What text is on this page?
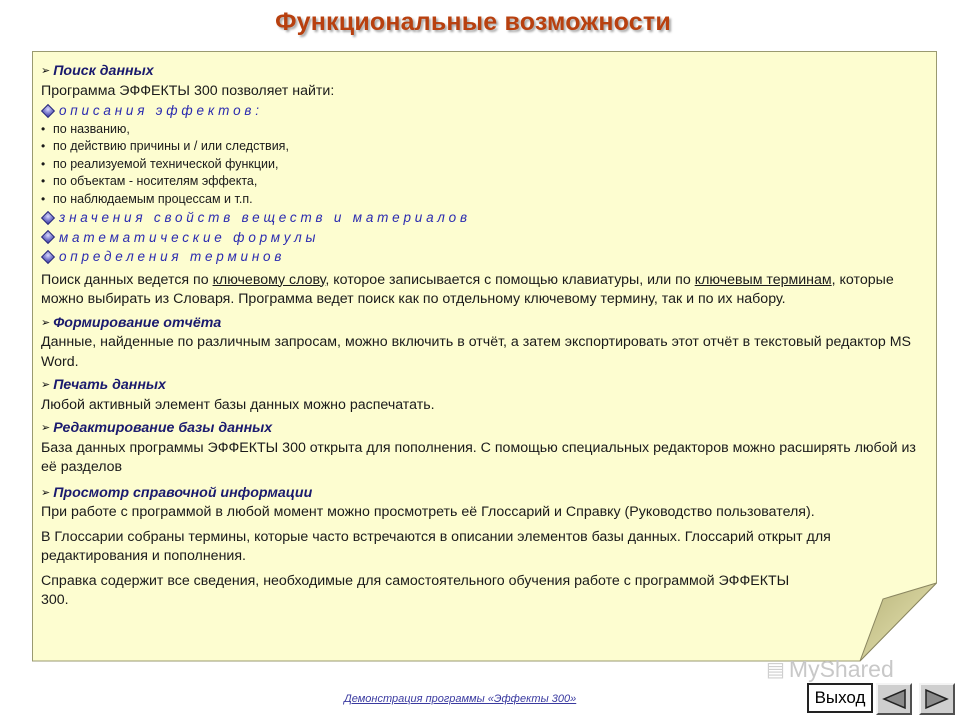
Функциональные возможности
➢ Поиск данных
Программа ЭФФЕКТЫ 300 позволяет найти:
описания эффектов:
• по названию,
• по действию причины и / или следствия,
• по реализуемой технической функции,
• по объектам - носителям эффекта,
• по наблюдаемым процессам и т.п.
значения свойств веществ и материалов
математические формулы
определения терминов
Поиск данных ведется по ключевому слову, которое записывается с помощью клавиатуры, или по ключевым терминам, которые можно выбирать из Словаря. Программа ведет поиск как по отдельному ключевому термину, так и по их набору.
➢ Формирование отчёта
Данные, найденные по различным запросам, можно включить в отчёт, а затем экспортировать этот отчёт в текстовый редактор MS Word.
➢ Печать данных
Любой активный элемент базы данных можно распечатать.
➢ Редактирование базы данных
База данных программы ЭФФЕКТЫ 300 открыта для пополнения. С помощью специальных редакторов можно расширять любой из её разделов
➢ Просмотр справочной информации
При работе с программой в любой момент можно просмотреть её Глоссарий и Справку (Руководство пользователя).
В Глоссарии собраны термины, которые часто встречаются в описании элементов базы данных. Глоссарий открыт для редактирования и пополнения.
Справка содержит все сведения, необходимые для самостоятельного обучения работе с программой ЭФФЕКТЫ 300.
▤ MyShared
Демонстрация программы «Эффекты 300»	Выход
